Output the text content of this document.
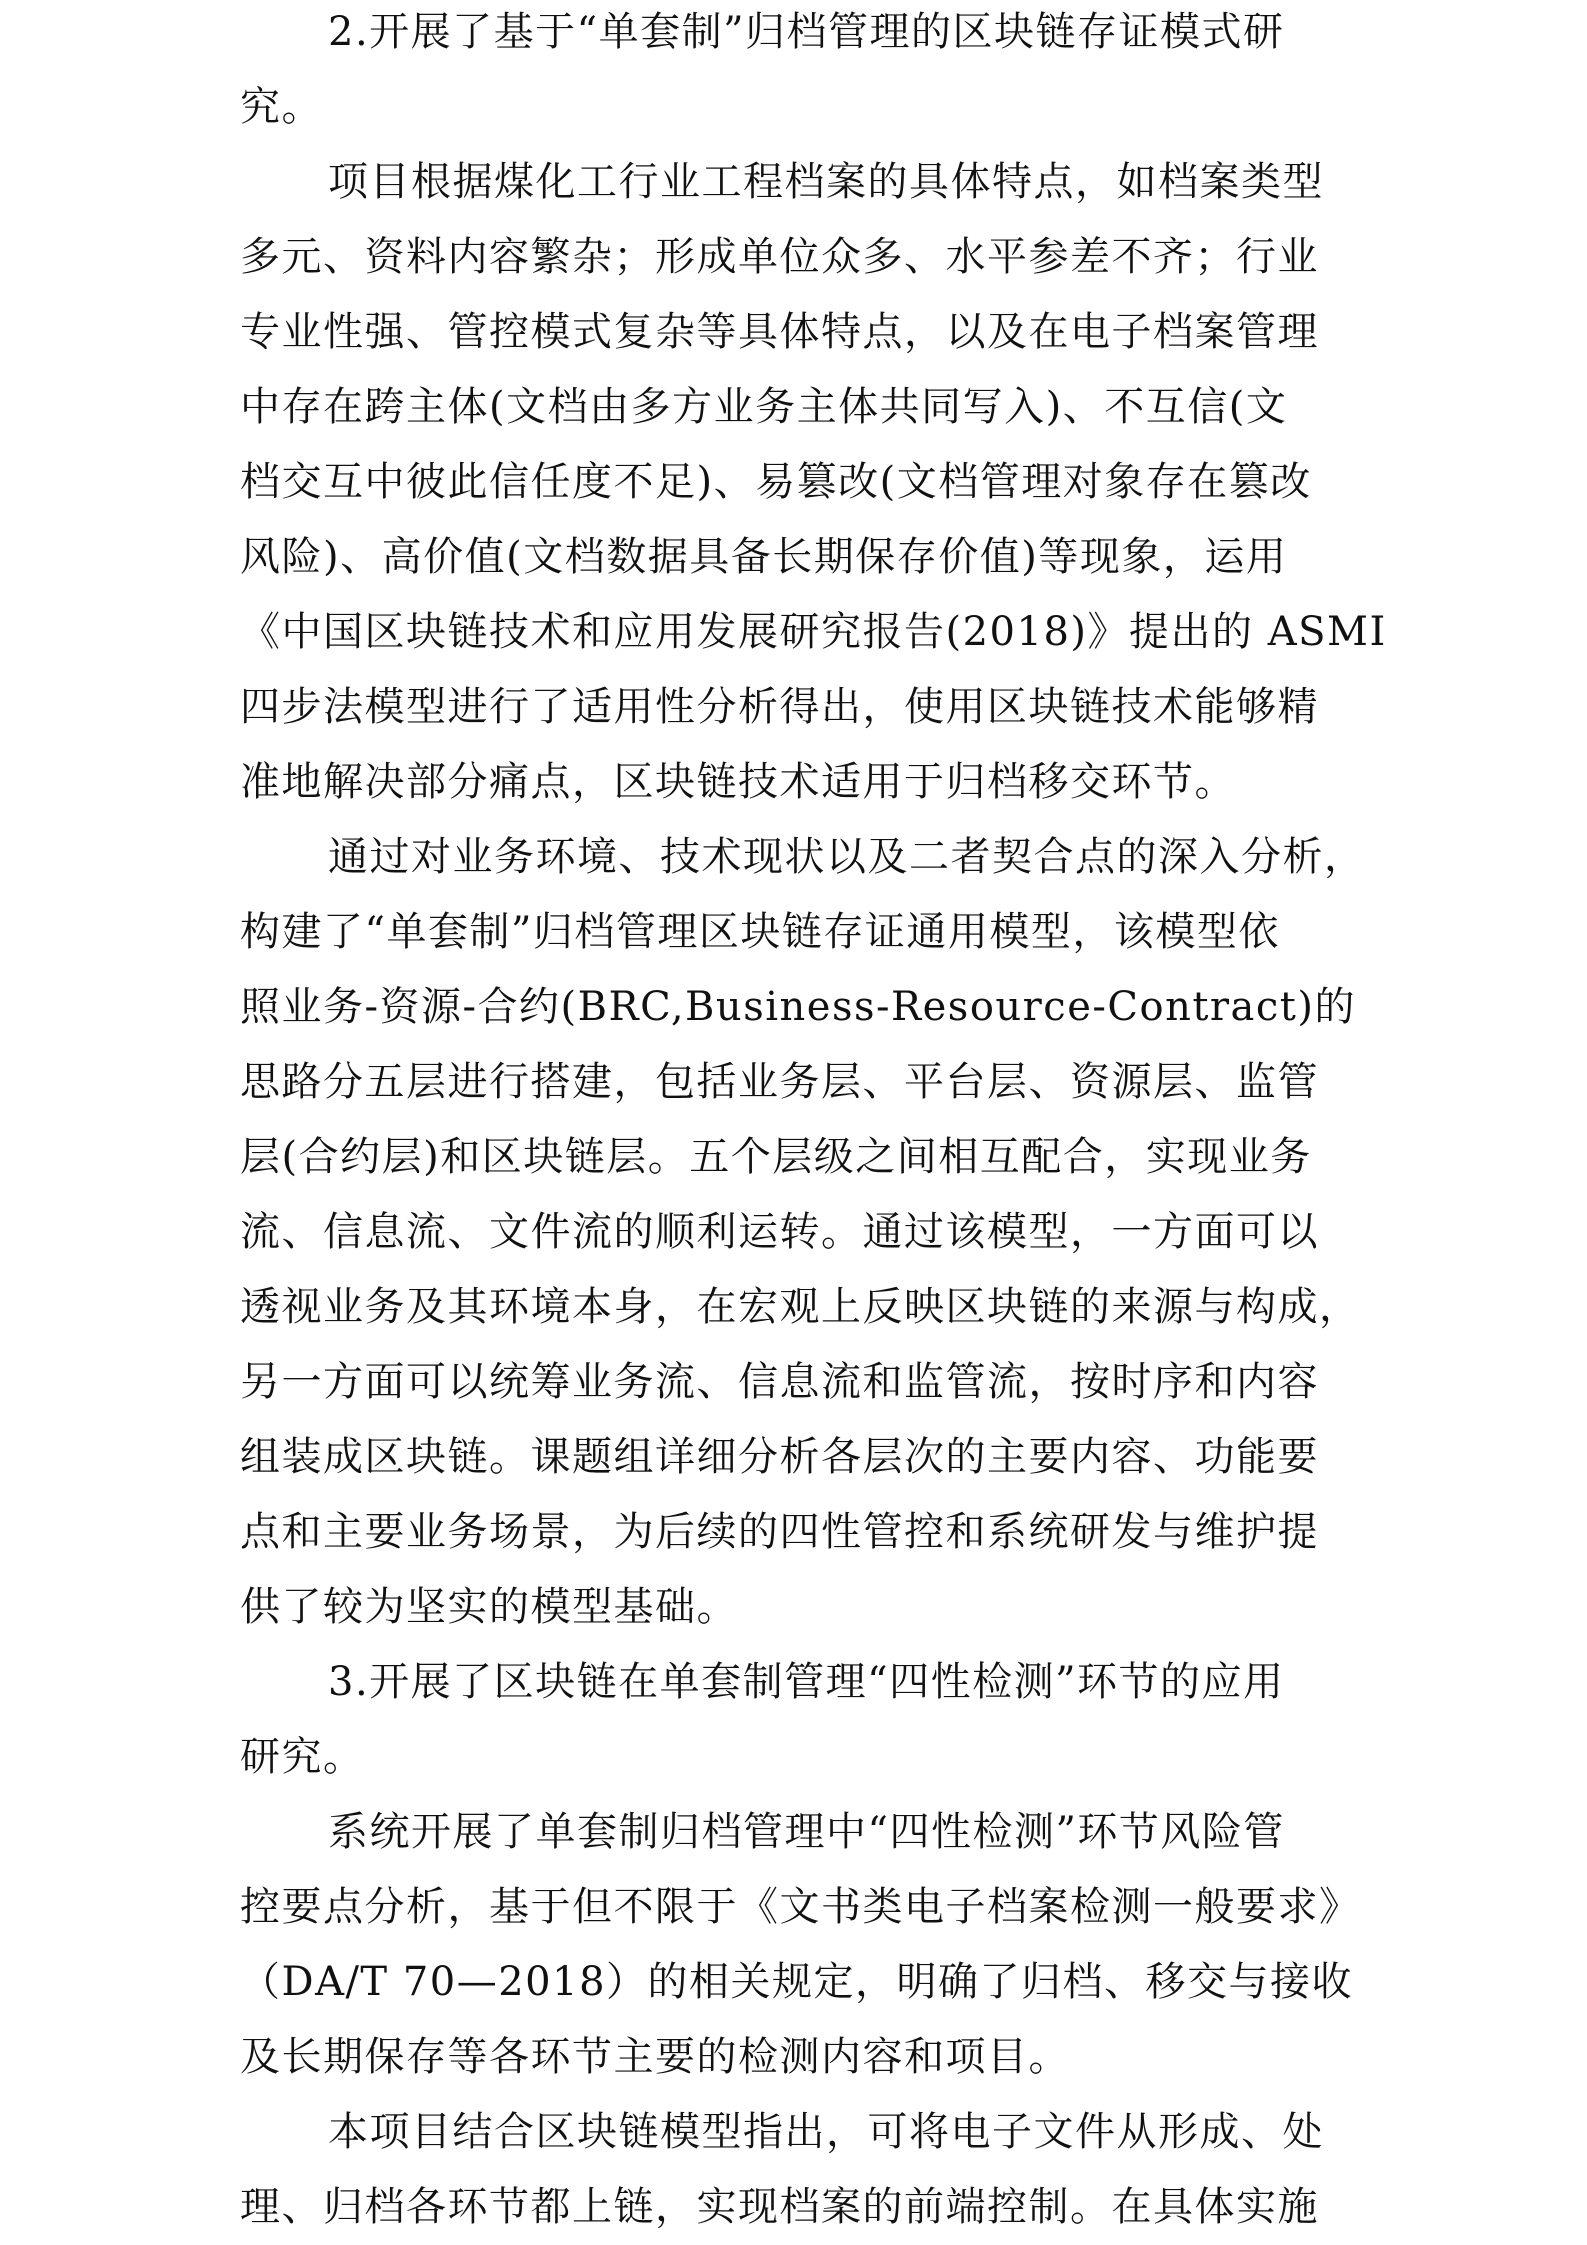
2.开展了基于“单套制”归档管理的区块链存证模式研
究。
项目根据煤化工行业工程档案的具体特点，如档案类型
多元、资料内容繁杂；形成单位众多、水平参差不齐；行业
专业性强、管控模式复杂等具体特点，以及在电子档案管理
中存在跨主体(文档由多方业务主体共同写入)、不互信(文
档交互中彼此信任度不足)、易篡改(文档管理对象存在篡改
风险)、高价值(文档数据具备长期保存价值)等现象，运用
《中国区块链技术和应用发展研究报告(2018)》提出的 ASMI
四步法模型进行了适用性分析得出，使用区块链技术能够精
准地解决部分痛点，区块链技术适用于归档移交环节。
通过对业务环境、技术现状以及二者契合点的深入分析，
构建了“单套制”归档管理区块链存证通用模型，该模型依
照业务-资源-合约(BRC,Business-Resource-Contract)的
思路分五层进行搭建，包括业务层、平台层、资源层、监管
层(合约层)和区块链层。五个层级之间相互配合，实现业务
流、信息流、文件流的顺利运转。通过该模型，一方面可以
透视业务及其环境本身，在宏观上反映区块链的来源与构成，
另一方面可以统筹业务流、信息流和监管流，按时序和内容
组装成区块链。课题组详细分析各层次的主要内容、功能要
点和主要业务场景，为后续的四性管控和系统研发与维护提
供了较为坚实的模型基础。
3.开展了区块链在单套制管理“四性检测”环节的应用
研究。
系统开展了单套制归档管理中“四性检测”环节风险管
控要点分析，基于但不限于《文书类电子档案检测一般要求》
（DA/T 70—2018）的相关规定，明确了归档、移交与接收
及长期保存等各环节主要的检测内容和项目。
本项目结合区块链模型指出，可将电子文件从形成、处
理、归档各环节都上链，实现档案的前端控制。在具体实施
